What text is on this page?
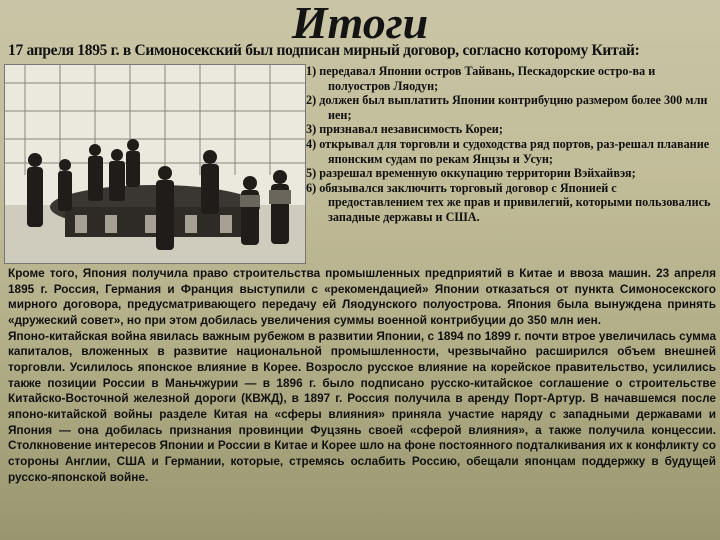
Итоги
17 апреля 1895 г. в Симоносекский был подписан мирный договор, согласно которому Китай:
1) передавал Японии остров Тайвань, Пескадорские остро-ва и полуостров Ляодун;
2) должен был выплатить Японии контрибуцию размером более 300 млн иен;
3) признавал независимость Кореи;
4) открывал для торговли и судоходства ряд портов, раз-решал плавание японским судам по рекам Янцзы и Усун;
5) разрешал временную оккупацию территории Вэйхайвэя;
6) обязывался заключить торговый договор с Японией с предоставлением тех же прав и привилегий, которыми пользовались западные державы и США.

Кроме того, Япония получила право строительства промышленных предприятий в Китае и ввоза машин. 23 апреля 1895 г. Россия, Германия и Франция выступили с «рекомендацией» Японии отказаться от пункта Симоносекского мирного договора, предусматривающего передачу ей Ляодунского полуострова. Япония была вынуждена принять «дружеский совет», но при этом добилась увеличения суммы военной контрибуции до 350 млн иен.

Японо-китайская война явилась важным рубежом в развитии Японии, с 1894 по 1899 г. почти втрое увеличилась сумма капиталов, вложенных в развитие национальной промышленности, чрезвычайно расширился объем внешней торговли. Усилилось японское влияние в Корее. Возросло русское влияние на корейское правительство, усилились также позиции России в Маньчжурии — в 1896 г. было подписано русско-китайское соглашение о строительстве Китайско-Восточной железной дороги (КВЖД), в 1897 г. Россия получила в аренду Порт-Артур. В начавшемся после японо-китайской войны разделе Китая на «сферы влияния» приняла участие наряду с западными державами и Япония — она добилась признания провинции Фуцзянь своей «сферой влияния», а также получила концессии. Столкновение интересов Японии и России в Китае и Корее шло на фоне постоянного подталкивания их к конфликту со стороны Англии, США и Германии, которые, стремясь ослабить Россию, обещали японцам поддержку в будущей русско-японской войне.
